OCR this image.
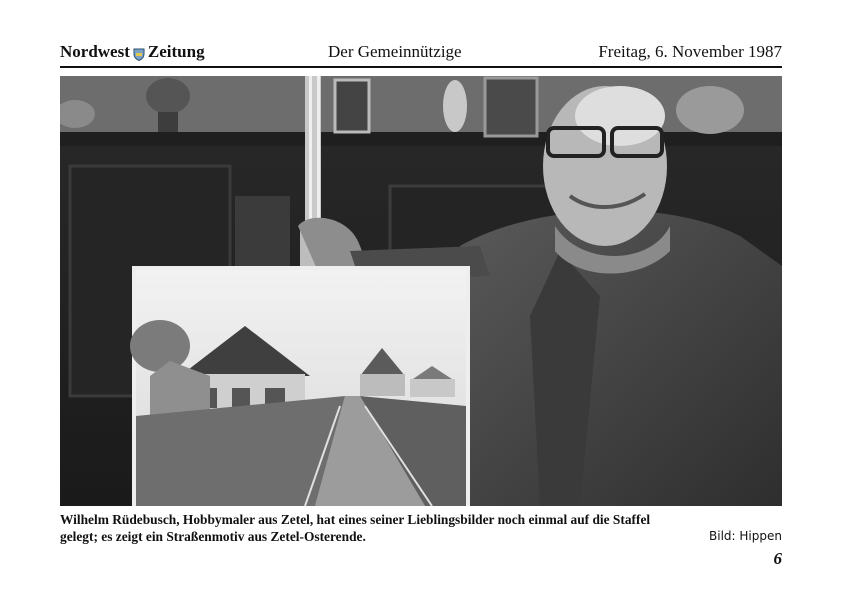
Nordwest Zeitung	Der Gemeinnützige	Freitag, 6. November 1987
Wilhelm Rüdebusch, Hobbymaler aus Zetel, hat eines seiner Lieblingsbilder noch einmal auf die Staffel
gelegt; es zeigt ein Straßenmotiv aus Zetel-Osterende.	Bild: Hippen
6
